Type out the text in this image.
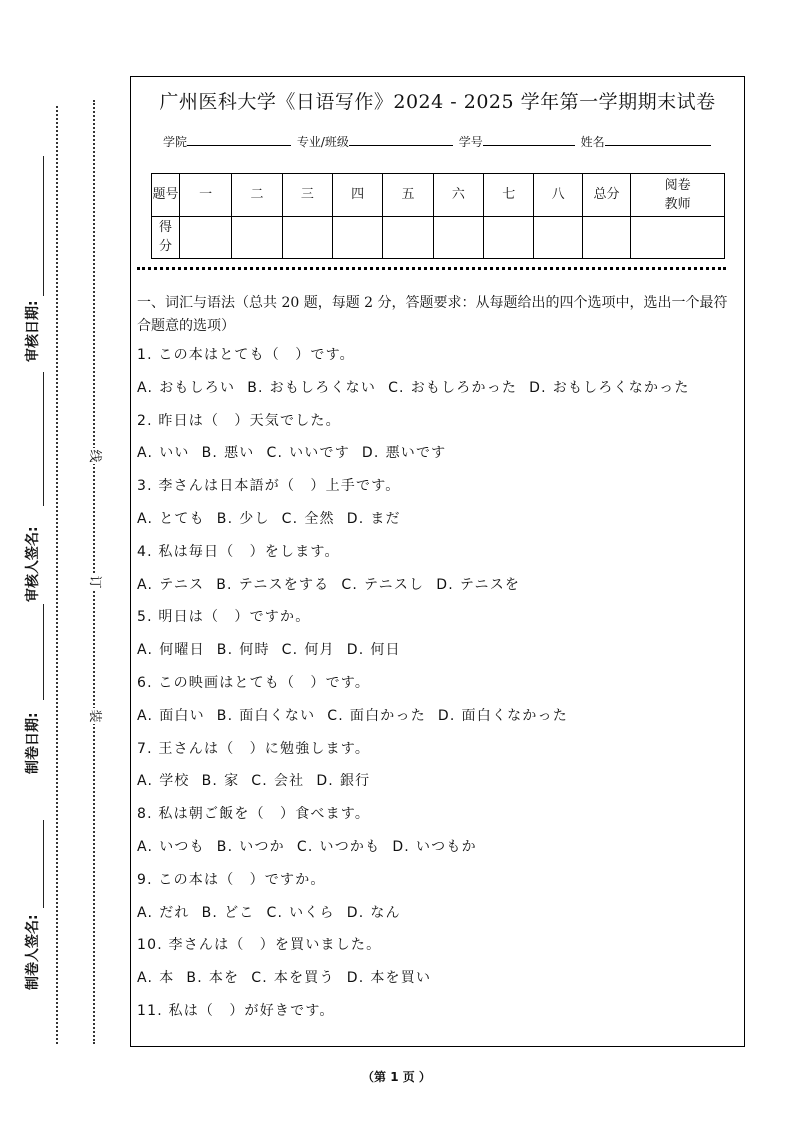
制卷人签名:
制卷日期:
审核人签名:
审核日期:
装
订
线
广州医科大学《日语写作》2024 - 2025 学年第一学期期末试卷
学院	专业/班级	学号	姓名
题号	一	二	三	四	五	六	七	八	总分	阅卷教师
得分										
一、词汇与语法（总共 20 题，每题 2 分，答题要求：从每题给出的四个选项中，选出一个最符合题意的选项）
1. この本はとても（　）です。
A. おもしろい B. おもしろくない C. おもしろかった D. おもしろくなかった
2. 昨日は（　）天気でした。
A. いい B. 悪い C. いいです D. 悪いです
3. 李さんは日本語が（　）上手です。
A. とても B. 少し C. 全然 D. まだ
4. 私は毎日（　）をします。
A. テニス B. テニスをする C. テニスし D. テニスを
5. 明日は（　）ですか。
A. 何曜日 B. 何時 C. 何月 D. 何日
6. この映画はとても（　）です。
A. 面白い B. 面白くない C. 面白かった D. 面白くなかった
7. 王さんは（　）に勉強します。
A. 学校 B. 家 C. 会社 D. 銀行
8. 私は朝ご飯を（　）食べます。
A. いつも B. いつか C. いつかも D. いつもか
9. この本は（　）ですか。
A. だれ B. どこ C. いくら D. なん
10. 李さんは（　）を買いました。
A. 本 B. 本を C. 本を買う D. 本を買い
11. 私は（　）が好きです。
（第 1 页 ）
